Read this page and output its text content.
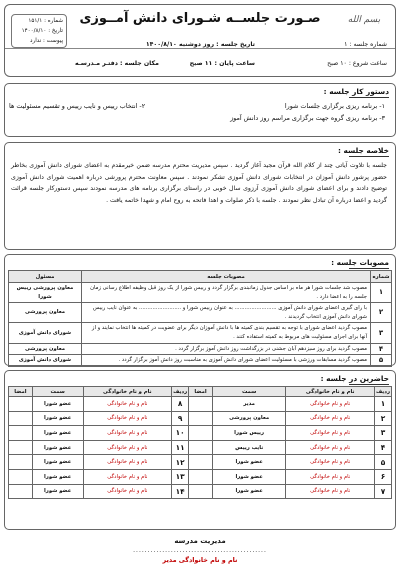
بسم الله
صـورت جلســه شـورای دانش آمــوزی
شماره : ۱۵۱/۱
تاریخ : ۱۴۰۰/۸/۱۰
پیوست : ندارد	شماره جلسه : ۱
تاریخ جلسه : روز دوشنبه ۱۴۰۰/۸/۱۰
ساعت شروع : ۱۰ صبح
ساعت پایان : ۱۱ صبح
مکان جلسه : دفتـر مـدرسـه
دستور کار جلسه :
۱- برنامه ریزی برگزاری جلسات شورا
۲- انتخاب رییس و نایب رییس و تقسیم مسئولیت ها
۳- برنامه ریزی گروه جهت برگزاری مراسم روز دانش آموز
خلاصه جلسه :
جلسه با تلاوت آیاتی چند از کلام الله قرآن مجید آغاز گردید . سپس مدیریت محترم مدرسه ضمن خیرمقدم به اعضای شورای دانش آموزی بخاطر حضور پرشور دانش آموزان در انتخابات شورای دانش آموزی تشکر نمودند . سپس معاونت محترم پرورشی درباره اهمیت شورای دانش آموزی توضیح دادند و برای اعضای شورای دانش آموزی آرزوی سال خوبی در راستای برگزاری برنامه های مدرسه نمودند سپس دستورکار جلسه قرائت گردید و اعضا درباره آن تبادل نظر نمودند . جلسه با ذکر صلوات و اهدا فاتحه به روح امام و شهدا خاتمه یافت .
مصوبات جلسه :
شماره	مصوبات جلسه	مسئول
۱	مصوب شد جلسات شورا هر ماه بر اساس جدول زمانبندی برگزار گردد و رییس شورا از یک روز قبل وظیفه اطلاع رسانی زمان جلسه را به اعضا دارد .	معاون پرورشی رییس شورا
۲	با رای گیری اعضای شورای دانش آموزی ......................... به عنوان رییس شورا و ......................... به عنوان نایب رییس شورای دانش آموزی انتخاب گردیدند .	معاون پرورشی
۳	مصوب گردید اعضای شورای با توجه به تقسیم بندی کمیته ها با دانش آموزان دیگر برای عضویت در کمیته ها انتخاب نمایند و از آنها برای اجرای مسئولیت های مربوط به کمیته استفاده کنند .	شورای دانش آموزی
۴	مصوب گردید برای روز سیزدهم آبان جشنی در بزرگداشت روز دانش آموز برگزار گردد .	معاون پرورشی
۵	مصوب گردید مسابقات ورزشی با مسئولیت اعضای شورای دانش آموزی به مناسبت روز دانش آموز برگزار گردد .	شورای دانش آموزی
حاضرین در جلسه :
ردیف	نام و نام خانوادگی	سمت	امضا	ردیف	نام و نام خانوادگی	سمت	امضا
۱	نام و نام خانوادگی	مدیر		۸	نام و نام خانوادگی	عضو شورا	
۲	نام و نام خانوادگی	معاون پرورشی		۹	نام و نام خانوادگی	عضو شورا	
۳	نام و نام خانوادگی	رییس شورا		۱۰	نام و نام خانوادگی	عضو شورا	
۴	نام و نام خانوادگی	نایب رییس		۱۱	نام و نام خانوادگی	عضو شورا	
۵	نام و نام خانوادگی	عضو شورا		۱۲	نام و نام خانوادگی	عضو شورا	
۶	نام و نام خانوادگی	عضو شورا		۱۳	نام و نام خانوادگی	عضو شورا	
۷	نام و نام خانوادگی	عضو شورا		۱۴	نام و نام خانوادگی	عضو شورا	
مدیریت مدرسه
..............................................
نام و نام خانوادگی مدیر
